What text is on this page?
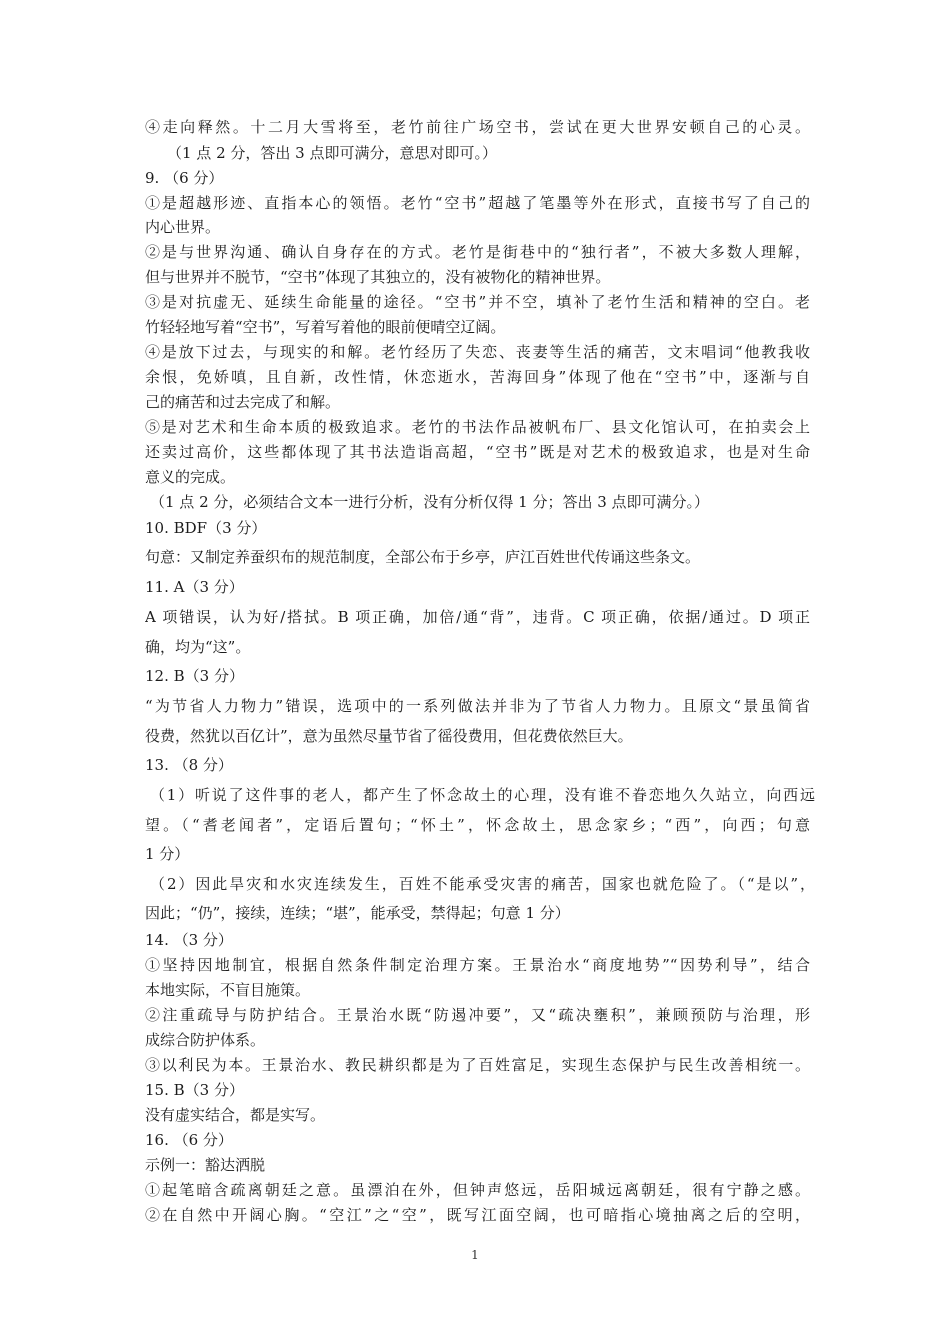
④走向释然。十二月大雪将至，老竹前往广场空书，尝试在更大世界安顿自己的心灵。
（1 点 2 分，答出 3 点即可满分，意思对即可。）
9. （6 分）
①是超越形迹、直指本心的领悟。老竹“空书”超越了笔墨等外在形式，直接书写了自己的
内心世界。
②是与世界沟通、确认自身存在的方式。老竹是街巷中的“独行者”，不被大多数人理解，
但与世界并不脱节，“空书”体现了其独立的，没有被物化的精神世界。
③是对抗虚无、延续生命能量的途径。“空书”并不空，填补了老竹生活和精神的空白。老
竹轻轻地写着“空书”，写着写着他的眼前便晴空辽阔。
④是放下过去，与现实的和解。老竹经历了失恋、丧妻等生活的痛苦，文末唱词“他教我收
余恨，免娇嗔，且自新，改性情，休恋逝水，苦海回身”体现了他在“空书”中，逐渐与自
己的痛苦和过去完成了和解。
⑤是对艺术和生命本质的极致追求。老竹的书法作品被帆布厂、县文化馆认可，在拍卖会上
还卖过高价，这些都体现了其书法造诣高超，“空书”既是对艺术的极致追求，也是对生命
意义的完成。
（1 点 2 分，必须结合文本一进行分析，没有分析仅得 1 分；答出 3 点即可满分。）
10. BDF（3 分）
句意：又制定养蚕织布的规范制度，全部公布于乡亭，庐江百姓世代传诵这些条文。
11. A（3 分）
A 项错误，认为好/搭拭。B 项正确，加倍/通“背”，违背。C 项正确，依据/通过。D 项正
确，均为“这”。
12. B（3 分）
“为节省人力物力”错误，选项中的一系列做法并非为了节省人力物力。且原文“景虽简省
役费，然犹以百亿计”，意为虽然尽量节省了徭役费用，但花费依然巨大。
13. （8 分）
（1）听说了这件事的老人，都产生了怀念故土的心理，没有谁不眷恋地久久站立，向西远
望。（“耆老闻者”，定语后置句；“怀土”，怀念故土，思念家乡；“西”，向西；句意
1 分）
（2）因此旱灾和水灾连续发生，百姓不能承受灾害的痛苦，国家也就危险了。（“是以”，
因此；“仍”，接续，连续；“堪”，能承受，禁得起；句意 1 分）
14. （3 分）
①坚持因地制宜，根据自然条件制定治理方案。王景治水“商度地势”“因势利导”，结合
本地实际，不盲目施策。
②注重疏导与防护结合。王景治水既“防遏冲要”，又“疏决壅积”，兼顾预防与治理，形
成综合防护体系。
③以利民为本。王景治水、教民耕织都是为了百姓富足，实现生态保护与民生改善相统一。
15. B（3 分）
没有虚实结合，都是实写。
16. （6 分）
示例一：豁达洒脱
①起笔暗含疏离朝廷之意。虽漂泊在外，但钟声悠远，岳阳城远离朝廷，很有宁静之感。
②在自然中开阔心胸。“空江”之“空”，既写江面空阔，也可暗指心境抽离之后的空明，
1
